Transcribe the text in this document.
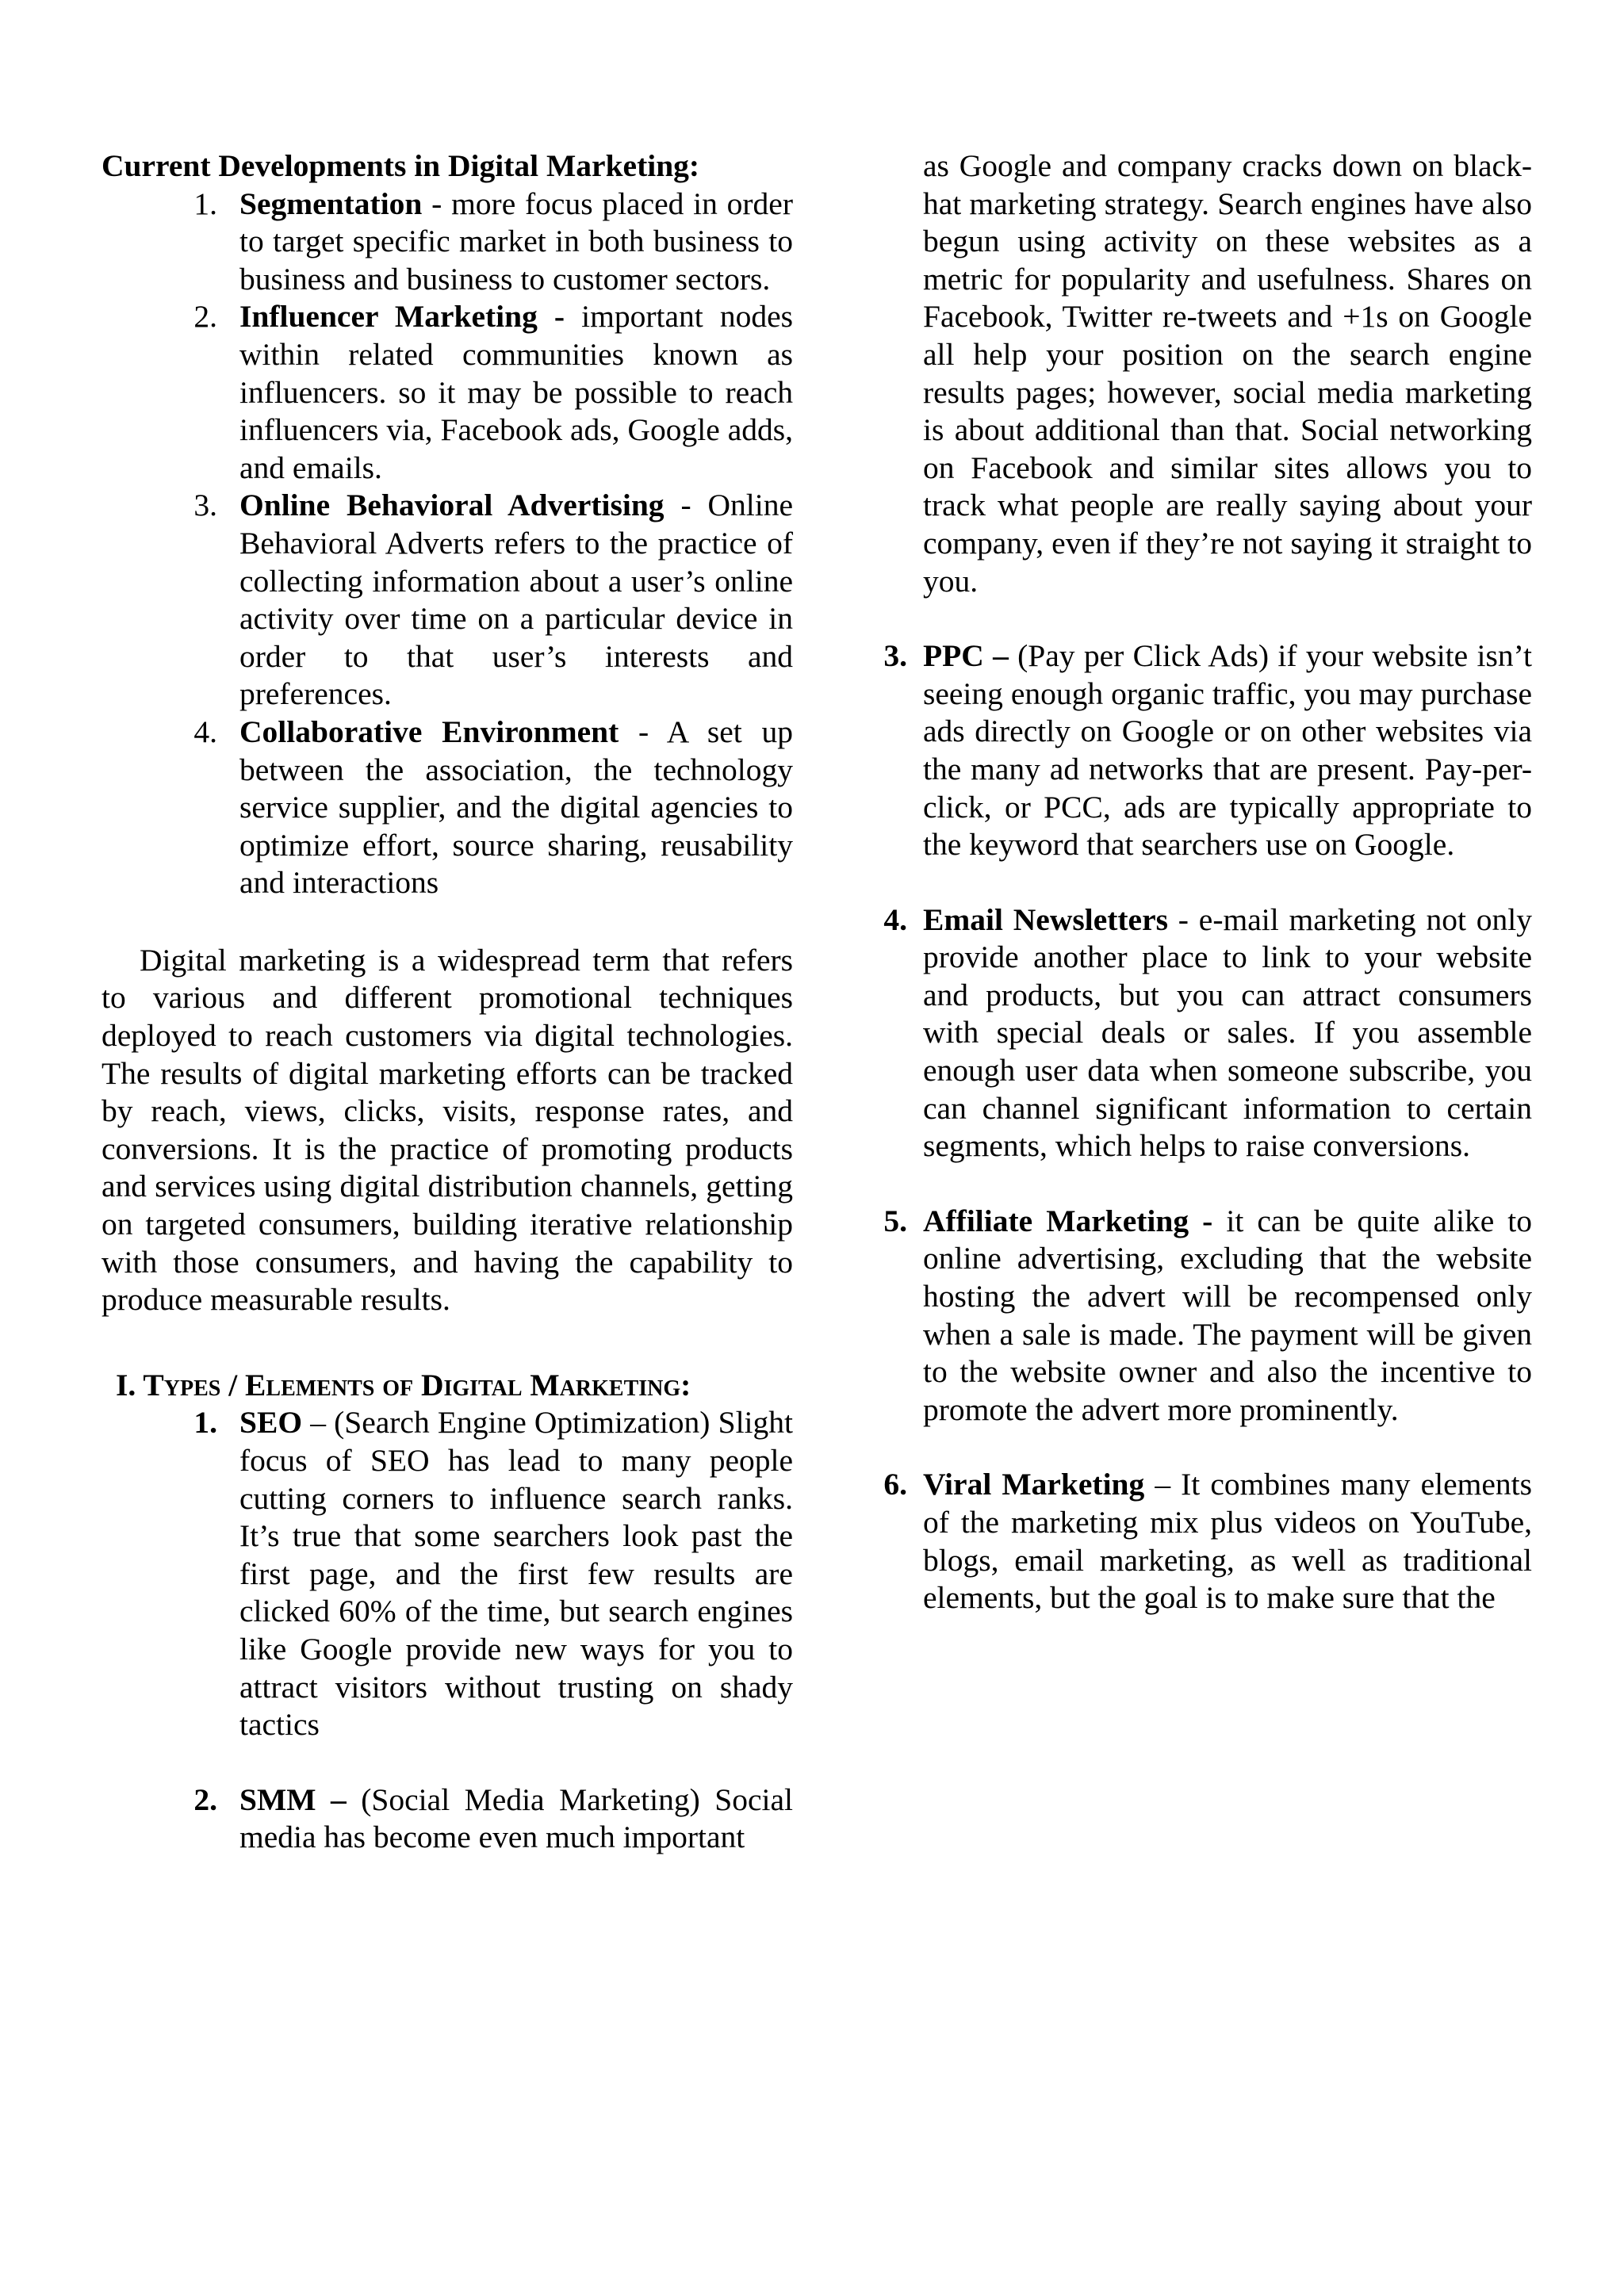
Current Developments in Digital Marketing:

1. Segmentation - more focus placed in order to target specific market in both business to business and business to customer sectors.
2. Influencer Marketing - important nodes within related communities known as influencers. so it may be possible to reach influencers via, Facebook ads, Google adds, and emails.
3. Online Behavioral Advertising - Online Behavioral Adverts refers to the practice of collecting information about a user’s online activity over time on a particular device in order to that user’s interests and preferences.
4. Collaborative Environment - A set up between the association, the technology service supplier, and the digital agencies to optimize effort, source sharing, reusability and interactions

Digital marketing is a widespread term that refers to various and different promotional techniques deployed to reach customers via digital technologies. The results of digital marketing efforts can be tracked by reach, views, clicks, visits, response rates, and conversions. It is the practice of promoting products and services using digital distribution channels, getting on targeted consumers, building iterative relationship with those consumers, and having the capability to produce measurable results.

I. Types / Elements of Digital Marketing:

1. SEO – (Search Engine Optimization) Slight focus of SEO has lead to many people cutting corners to influence search ranks. It’s true that some searchers look past the first page, and the first few results are clicked 60% of the time, but search engines like Google provide new ways for you to attract visitors without trusting on shady tactics
2. SMM – (Social Media Marketing) Social media has become even much important

as Google and company cracks down on black-hat marketing strategy. Search engines have also begun using activity on these websites as a metric for popularity and usefulness. Shares on Facebook, Twitter re-tweets and +1s on Google all help your position on the search engine results pages; however, social media marketing is about additional than that. Social networking on Facebook and similar sites allows you to track what people are really saying about your company, even if they’re not saying it straight to you.

3. PPC – (Pay per Click Ads) if your website isn’t seeing enough organic traffic, you may purchase ads directly on Google or on other websites via the many ad networks that are present. Pay-per-click, or PCC, ads are typically appropriate to the keyword that searchers use on Google.
4. Email Newsletters - e-mail marketing not only provide another place to link to your website and products, but you can attract consumers with special deals or sales. If you assemble enough user data when someone subscribe, you can channel significant information to certain segments, which helps to raise conversions.
5. Affiliate Marketing - it can be quite alike to online advertising, excluding that the website hosting the advert will be recompensed only when a sale is made. The payment will be given to the website owner and also the incentive to promote the advert more prominently.
6. Viral Marketing – It combines many elements of the marketing mix plus videos on YouTube, blogs, email marketing, as well as traditional elements, but the goal is to make sure that the
